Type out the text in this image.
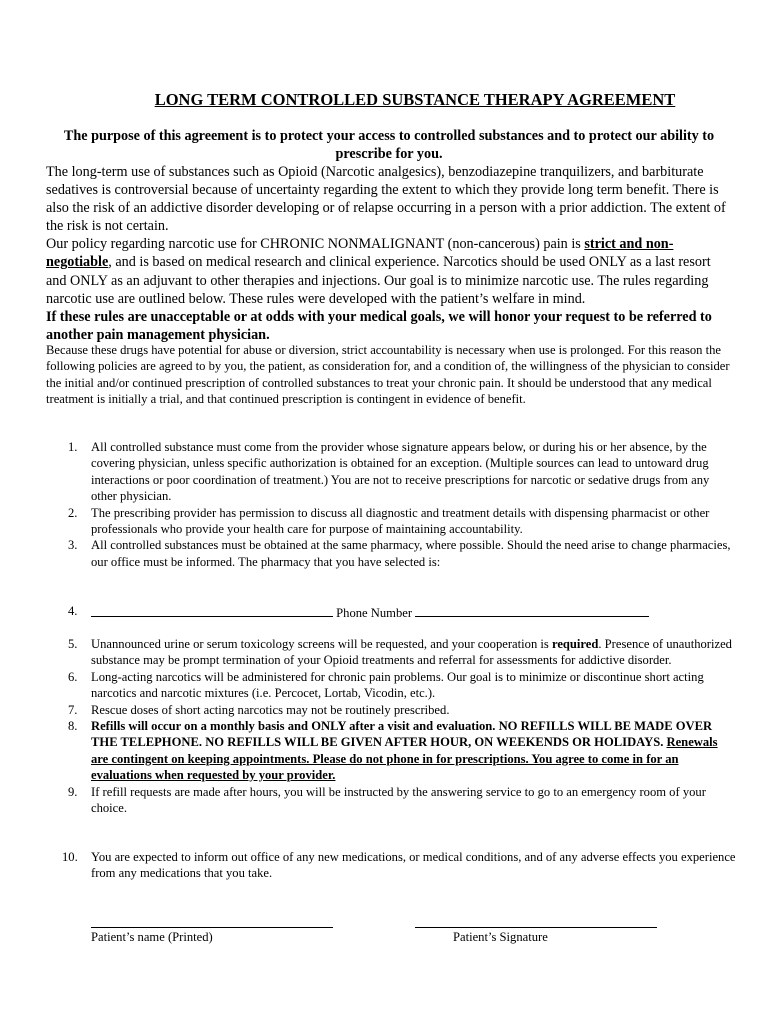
LONG TERM CONTROLLED SUBSTANCE THERAPY AGREEMENT
The purpose of this agreement is to protect your access to controlled substances and to protect our ability to prescribe for you.

The long-term use of substances such as Opioid (Narcotic analgesics), benzodiazepine tranquilizers, and barbiturate sedatives is controversial because of uncertainty regarding the extent to which they provide long term benefit. There is also the risk of an addictive disorder developing or of relapse occurring in a person with a prior addiction. The extent of the risk is not certain.

Our policy regarding narcotic use for CHRONIC NONMALIGNANT (non-cancerous) pain is strict and non-negotiable, and is based on medical research and clinical experience. Narcotics should be used ONLY as a last resort and ONLY as an adjuvant to other therapies and injections. Our goal is to minimize narcotic use. The rules regarding narcotic use are outlined below. These rules were developed with the patient’s welfare in mind.

If these rules are unacceptable or at odds with your medical goals, we will honor your request to be referred to another pain management physician.

Because these drugs have potential for abuse or diversion, strict accountability is necessary when use is prolonged. For this reason the following policies are agreed to by you, the patient, as consideration for, and a condition of, the willingness of the physician to consider the initial and/or continued prescription of controlled substances to treat your chronic pain. It should be understood that any medical treatment is initially a trial, and that continued prescription is contingent in evidence of benefit.
1. All controlled substance must come from the provider whose signature appears below, or during his or her absence, by the covering physician, unless specific authorization is obtained for an exception. (Multiple sources can lead to untoward drug interactions or poor coordination of treatment.) You are not to receive prescriptions for narcotic or sedative drugs from any other physician.
2. The prescribing provider has permission to discuss all diagnostic and treatment details with dispensing pharmacist or other professionals who provide your health care for purpose of maintaining accountability.
3. All controlled substances must be obtained at the same pharmacy, where possible. Should the need arise to change pharmacies, our office must be informed. The pharmacy that you have selected is:
4.	Phone Number
5. Unannounced urine or serum toxicology screens will be requested, and your cooperation is required. Presence of unauthorized substance may be prompt termination of your Opioid treatments and referral for assessments for addictive disorder.
6. Long-acting narcotics will be administered for chronic pain problems. Our goal is to minimize or discontinue short acting narcotics and narcotic mixtures (i.e. Percocet, Lortab, Vicodin, etc.).
7. Rescue doses of short acting narcotics may not be routinely prescribed.
8. Refills will occur on a monthly basis and ONLY after a visit and evaluation. NO REFILLS WILL BE MADE OVER THE TELEPHONE. NO REFILLS WILL BE GIVEN AFTER HOUR, ON WEEKENDS OR HOLIDAYS. Renewals are contingent on keeping appointments. Please do not phone in for prescriptions. You agree to come in for an evaluations when requested by your provider.
9. If refill requests are made after hours, you will be instructed by the answering service to go to an emergency room of your choice.
10. You are expected to inform out office of any new medications, or medical conditions, and of any adverse effects you experience from any medications that you take.
Patient’s name (Printed)	Patient’s Signature
